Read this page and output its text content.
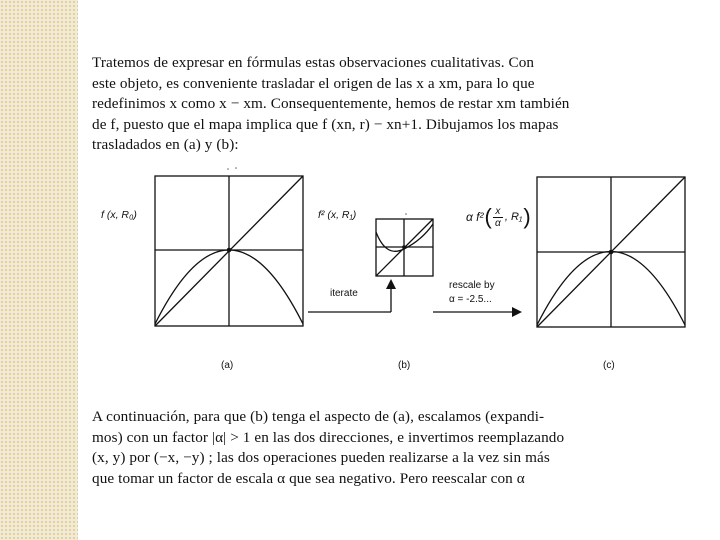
Tratemos de expresar en fórmulas estas observaciones cualitativas. Con
este objeto, es conveniente trasladar el origen de las x a xm, para lo que
redefinimos x como x − xm. Consequentemente, hemos de restar xm también
de f, puesto que el mapa implica que f (xn, r) − xn+1. Dibujamos los mapas
trasladados en (a) y (b):
f (x, R₀)	f² (x, R₁)	α f² ( x
α , R₁ )
iterate
rescale by
α = -2.5...
(a)	(b)	(c)
A continuación, para que (b) tenga el aspecto de (a), escalamos (expandi-
mos) con un factor |α| > 1 en las dos direcciones, e invertimos reemplazando
(x, y) por (−x, −y) ; las dos operaciones pueden realizarse a la vez sin más
que tomar un factor de escala α que sea negativo. Pero reescalar con α
